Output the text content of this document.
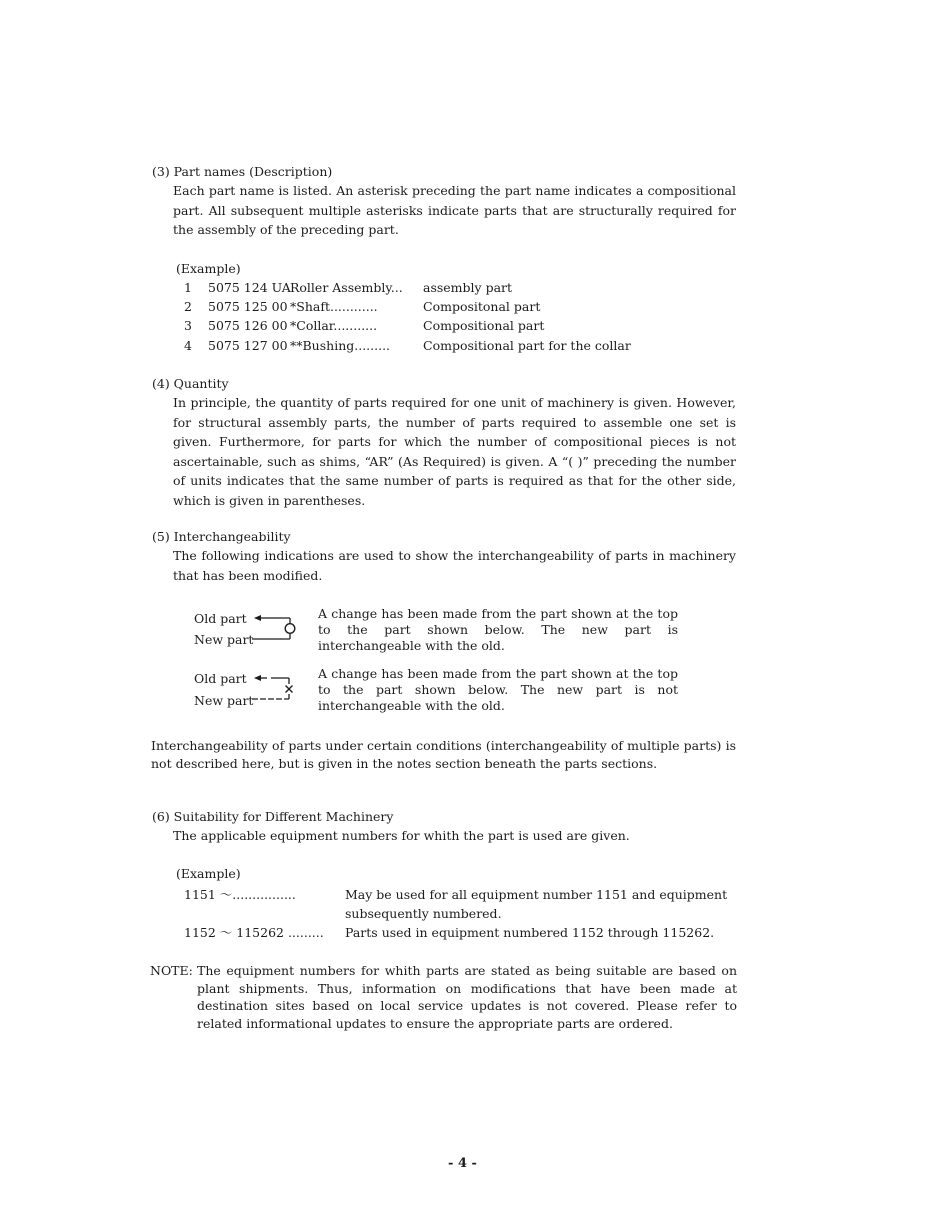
(3) Part names (Description)
Each part name is listed. An asterisk preceding the part name indicates a compositional part. All subsequent multiple asterisks indicate parts that are structurally required for the assembly of the preceding part.
(Example)
1 5075 124 UA Roller Assembly... assembly part
2 5075 125 00 *Shaft............	Compositonal part
3 5075 126 00 *Collar...........	Compositional part
4 5075 127 00 **Bushing.........	Compositional part for the collar
(4) Quantity
In principle, the quantity of parts required for one unit of machinery is given. However, for structural assembly parts, the number of parts required to assemble one set is given. Furthermore, for parts for which the number of compositional pieces is not ascertainable, such as shims, “AR” (As Required) is given. A “( )” preceding the number of units indicates that the same number of parts is required as that for the other side, which is given in parentheses.
(5) Interchangeability
The following indications are used to show the interchangeability of parts in machinery that has been modified.
Old part
New part
A change has been made from the part shown at the top to the part shown below. The new part is interchangeable with the old.
Old part
New part
A change has been made from the part shown at the top to the part shown below. The new part is not interchangeable with the old.
Interchangeability of parts under certain conditions (interchangeability of multiple parts) is not described here, but is given in the notes section beneath the parts sections.
(6) Suitability for Different Machinery
The applicable equipment numbers for whith the part is used are given.
(Example)
1151 〜................	May be used for all equipment number 1151 and equipment
subsequently numbered.
1152 〜 115262 ......... Parts used in equipment numbered 1152 through 115262.
NOTE: The equipment numbers for whith parts are stated as being suitable are based on plant shipments. Thus, information on modifications that have been made at destination sites based on local service updates is not covered. Please refer to related informational updates to ensure the appropriate parts are ordered.
- 4 -
